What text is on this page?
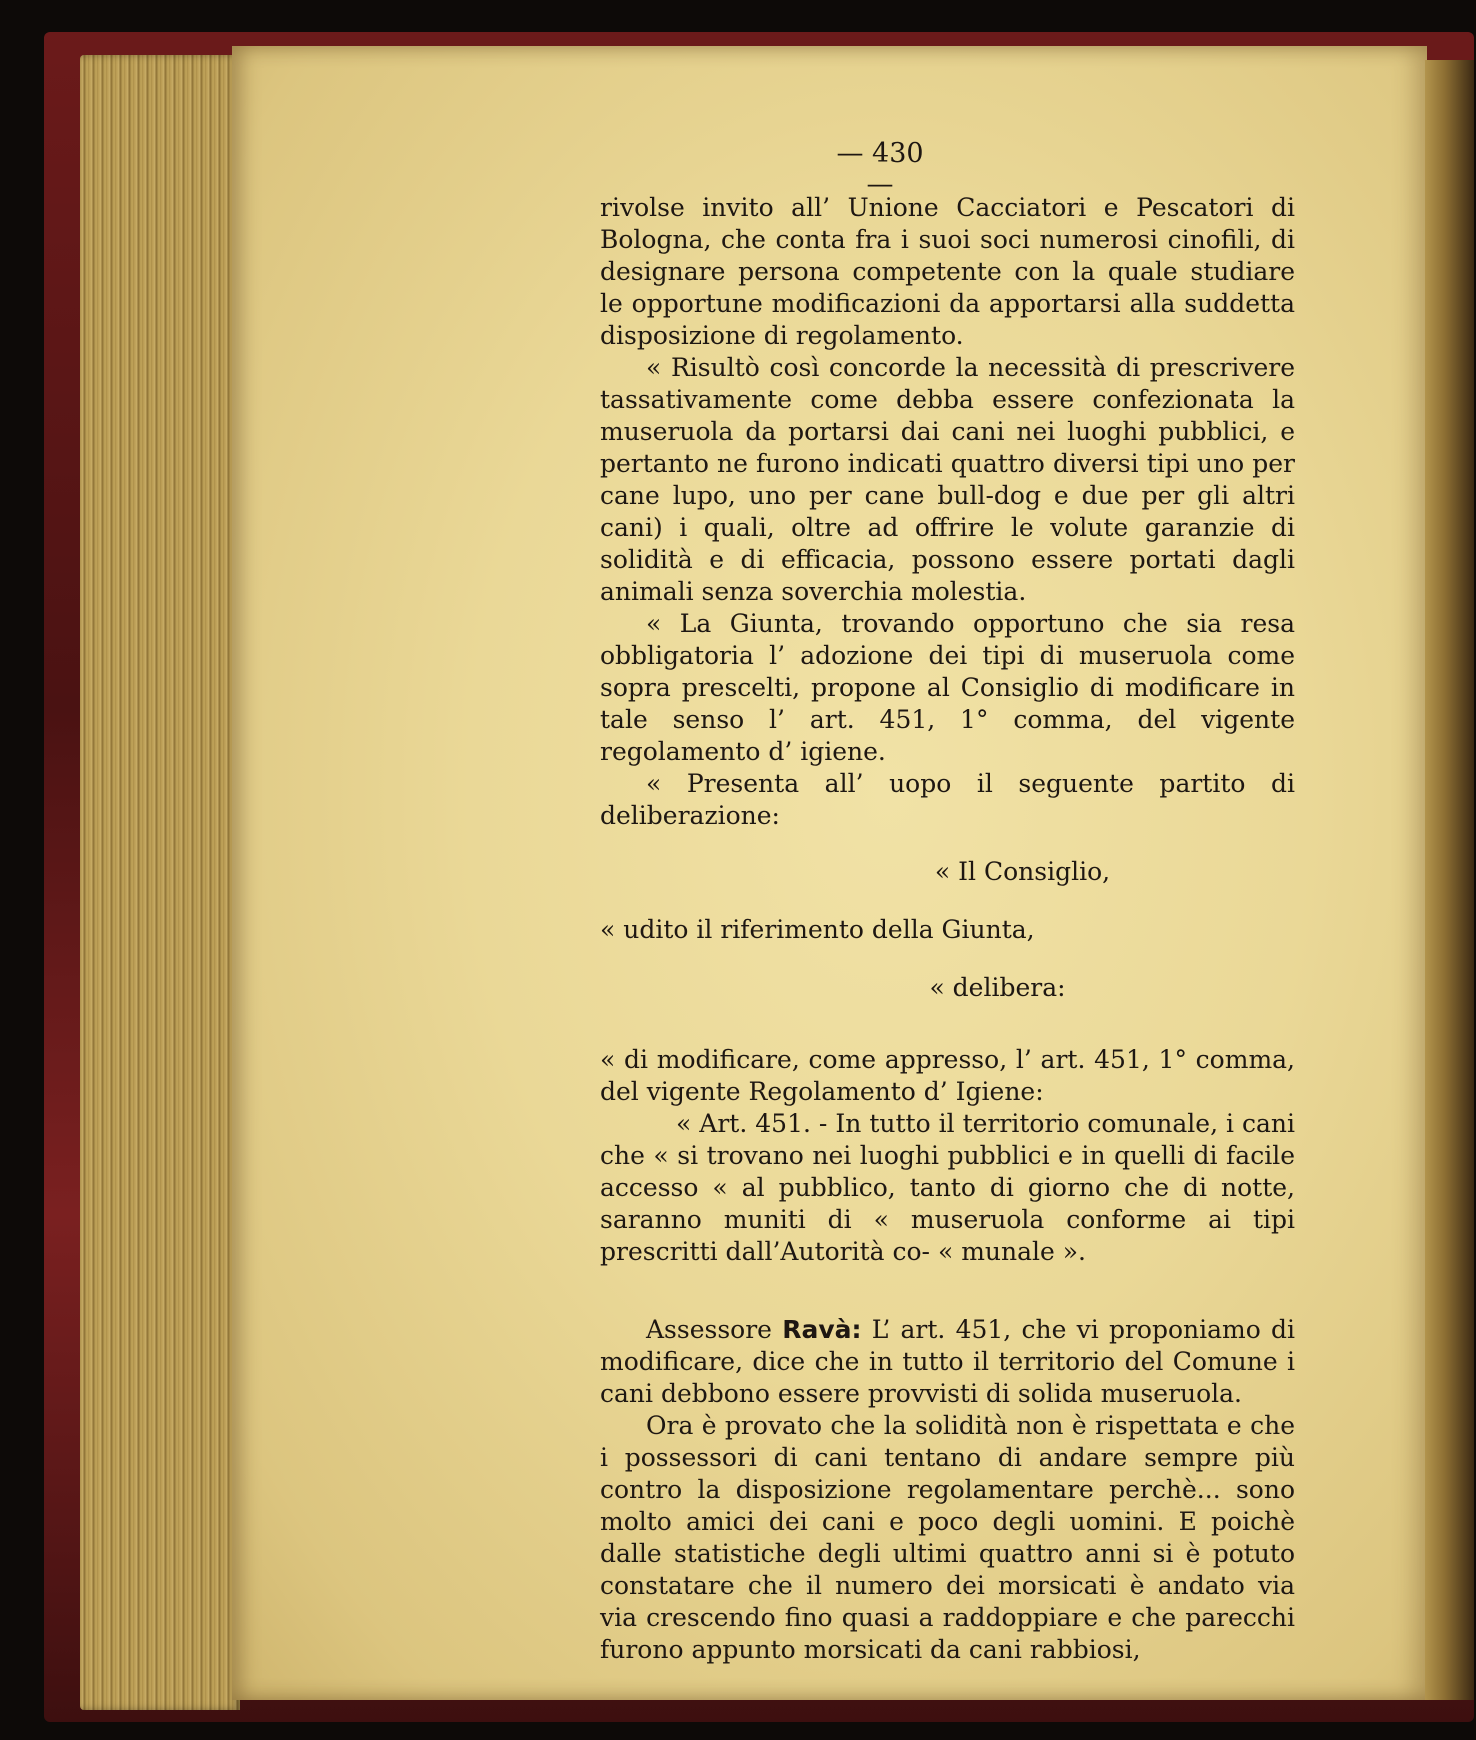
— 430 —

rivolse invito all’ Unione Cacciatori e Pescatori di Bologna, che conta fra i suoi soci numerosi cinofili, di designare persona competente con la quale studiare le opportune modificazioni da apportarsi alla suddetta disposizione di regolamento.

« Risultò così concorde la necessità di prescrivere tassativamente come debba essere confezionata la museruola da portarsi dai cani nei luoghi pubblici, e pertanto ne furono indicati quattro diversi tipi uno per cane lupo, uno per cane bull-dog e due per gli altri cani) i quali, oltre ad offrire le volute garanzie di solidità e di efficacia, possono essere portati dagli animali senza soverchia molestia.

« La Giunta, trovando opportuno che sia resa obbligatoria l’ adozione dei tipi di museruola come sopra prescelti, propone al Consiglio di modificare in tale senso l’ art. 451, 1° comma, del vigente regolamento d’ igiene.

« Presenta all’ uopo il seguente partito di deliberazione:

« Il Consiglio,

« udito il riferimento della Giunta,

« delibera:

« di modificare, come appresso, l’ art. 451, 1° comma, del vigente Regolamento d’ Igiene:

« Art. 451. - In tutto il territorio comunale, i cani che « si trovano nei luoghi pubblici e in quelli di facile accesso « al pubblico, tanto di giorno che di notte, saranno muniti di « museruola conforme ai tipi prescritti dall’Autorità co- « munale ».

Assessore Ravà: L’ art. 451, che vi proponiamo di modificare, dice che in tutto il territorio del Comune i cani debbono essere provvisti di solida museruola.

Ora è provato che la solidità non è rispettata e che i possessori di cani tentano di andare sempre più contro la disposizione regolamentare perchè... sono molto amici dei cani e poco degli uomini. E poichè dalle statistiche degli ultimi quattro anni si è potuto constatare che il numero dei morsicati è andato via via crescendo fino quasi a raddoppiare e che parecchi furono appunto morsicati da cani rabbiosi,
